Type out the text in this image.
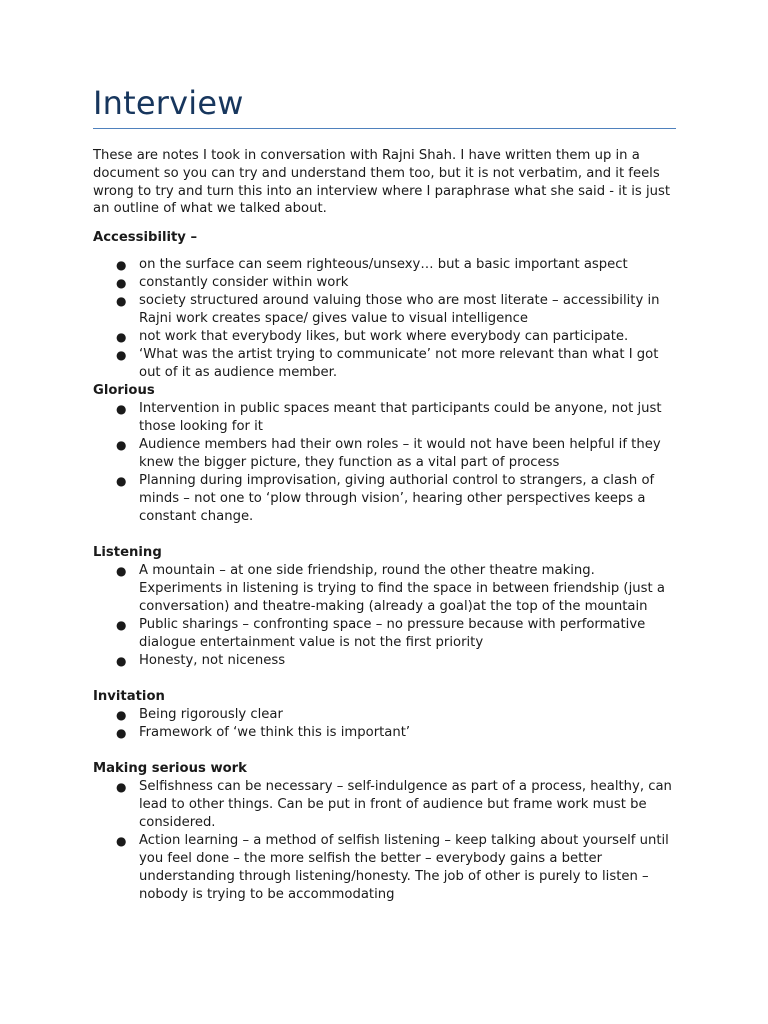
Interview

These are notes I took in conversation with Rajni Shah. I have written them up in a document so you can try and understand them too, but it is not verbatim, and it feels wrong to try and turn this into an interview where I paraphrase what she said - it is just an outline of what we talked about.

Accessibility –
● on the surface can seem righteous/unsexy… but a basic important aspect
● constantly consider within work
● society structured around valuing those who are most literate – accessibility in Rajni work creates space/ gives value to visual intelligence
● not work that everybody likes, but work where everybody can participate.
● ‘What was the artist trying to communicate’ not more relevant than what I got out of it as audience member.
Glorious
● Intervention in public spaces meant that participants could be anyone, not just those looking for it
● Audience members had their own roles – it would not have been helpful if they knew the bigger picture, they function as a vital part of process
● Planning during improvisation, giving authorial control to strangers, a clash of minds – not one to ‘plow through vision’, hearing other perspectives keeps a constant change.
Listening
● A mountain – at one side friendship, round the other theatre making. Experiments in listening is trying to find the space in between friendship (just a conversation) and theatre-making (already a goal)at the top of the mountain
● Public sharings – confronting space – no pressure because with performative dialogue entertainment value is not the first priority
● Honesty, not niceness
Invitation
● Being rigorously clear
● Framework of ‘we think this is important’
Making serious work
● Selfishness can be necessary – self-indulgence as part of a process, healthy, can lead to other things. Can be put in front of audience but frame work must be considered.
● Action learning – a method of selfish listening – keep talking about yourself until you feel done – the more selfish the better – everybody gains a better understanding through listening/honesty. The job of other is purely to listen – nobody is trying to be accommodating
